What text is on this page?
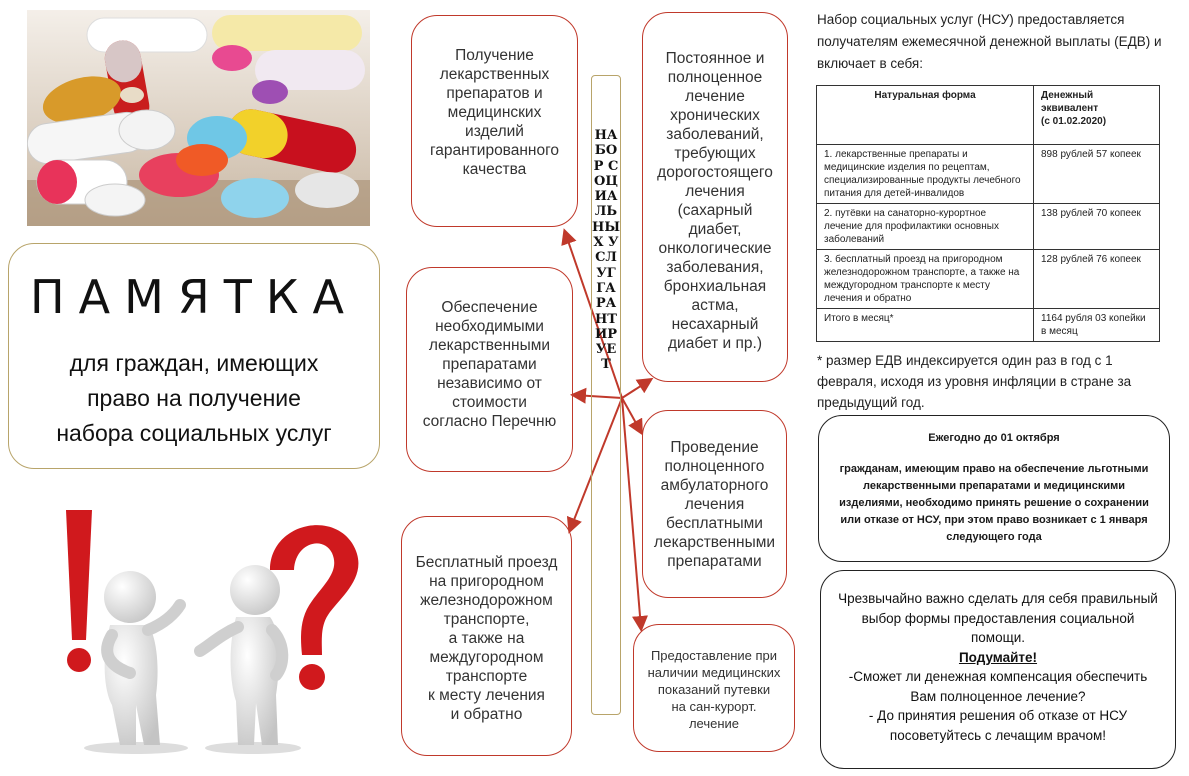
ПАМЯТКА
для граждан, имеющих
право на получение
набора социальных услуг
Получение
лекарственных
препаратов и
медицинских
изделий
гарантированного
качества
Обеспечение
необходимыми
лекарственными
препаратами
независимо от
стоимости
согласно Перечню
Бесплатный проезд
на пригородном
железнодорожном
транспорте,
а также на
междугородном
транспорте
к месту лечения
и обратно
НАБОР СОЦИАЛЬНЫХ УСЛУГ ГАРАНТИРУЕТ
Постоянное и
полноценное
лечение
хронических
заболеваний,
требующих
дорогостоящего
лечения
(сахарный диабет,
онкологические
заболевания,
бронхиальная
астма, несахарный
диабет и пр.)
Проведение
полноценного
амбулаторного
лечения
бесплатными
лекарственными
препаратами
Предоставление при
наличии медицинских
показаний путевки
на сан-курорт.
лечение
Набор социальных услуг (НСУ) предоставляется получателям ежемесячной денежной выплаты (ЕДВ) и включает в себя:
Натуральная форма	Денежный
эквивалент
(с 01.02.2020)

1. лекарственные препараты и медицинские изделия по рецептам, специализированные продукты лечебного питания для детей-инвалидов	898 рублей 57 копеек
2. путёвки на санаторно-курортное лечение для профилактики основных заболеваний	138 рублей 70 копеек
3. бесплатный проезд на пригородном железнодорожном транспорте, а также на междугородном транспорте к месту лечения и обратно	128 рублей 76 копеек
Итого в месяц*	1164 рубля 03 копейки в месяц
* размер ЕДВ индексируется один раз в год с 1 февраля, исходя из уровня инфляции в стране за предыдущий год.
Ежегодно до 01 октября
гражданам, имеющим право на обеспечение льготными лекарственными препаратами и медицинскими изделиями, необходимо принять решение о сохранении или отказе от НСУ, при этом право возникает с 1 января следующего года
Чрезвычайно важно сделать для себя правильный выбор формы предоставления социальной помощи.
Подумайте!
-Сможет ли денежная компенсация обеспечить Вам полноценное лечение?
- До принятия решения об отказе от НСУ посоветуйтесь с лечащим врачом!
